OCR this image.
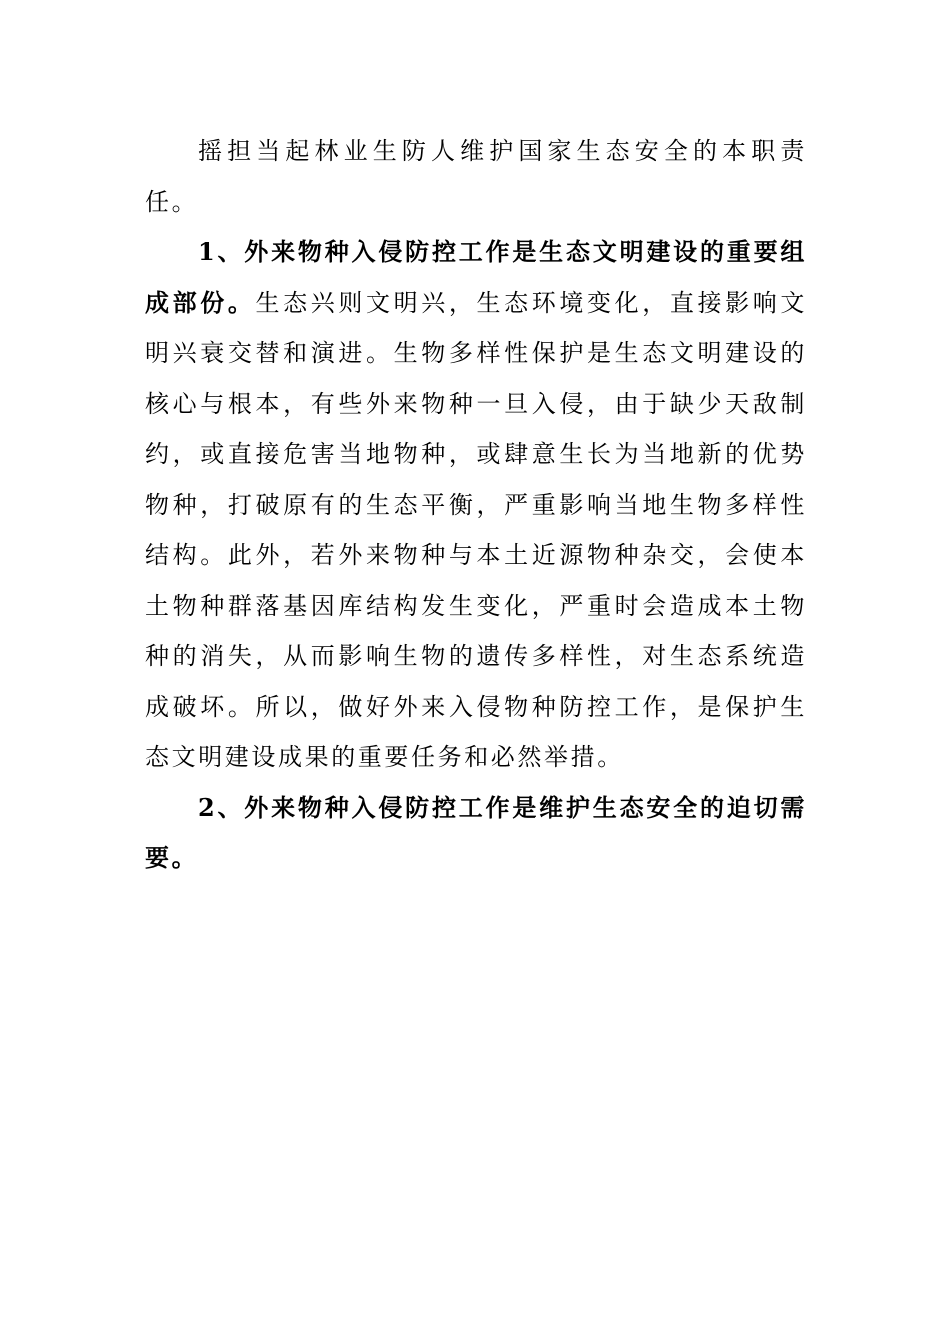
摇担当起林业生防人维护国家生态安全的本职责任。

1、外来物种入侵防控工作是生态文明建设的重要组成部份。生态兴则文明兴，生态环境变化，直接影响文明兴衰交替和演进。生物多样性保护是生态文明建设的核心与根本，有些外来物种一旦入侵，由于缺少天敌制约，或直接危害当地物种，或肆意生长为当地新的优势物种，打破原有的生态平衡，严重影响当地生物多样性结构。此外，若外来物种与本土近源物种杂交，会使本土物种群落基因库结构发生变化，严重时会造成本土物种的消失，从而影响生物的遗传多样性，对生态系统造成破坏。所以，做好外来入侵物种防控工作，是保护生态文明建设成果的重要任务和必然举措。

2、外来物种入侵防控工作是维护生态安全的迫切需要。
